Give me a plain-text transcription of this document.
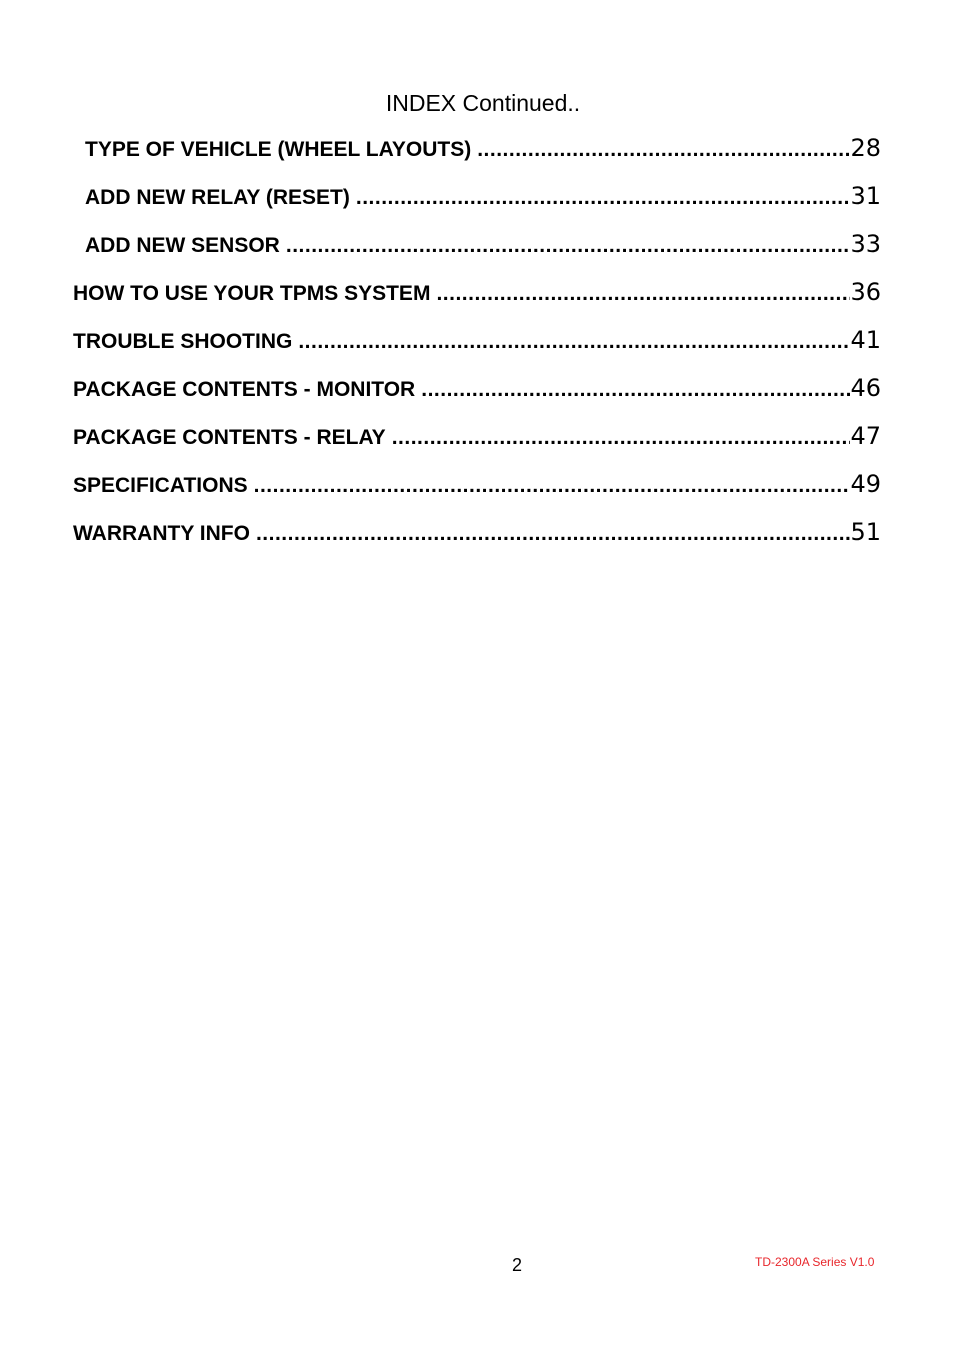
INDEX Continued..
TYPE OF VEHICLE (WHEEL LAYOUTS) .....	28
ADD NEW RELAY (RESET) .....	31
ADD NEW SENSOR .....	33
HOW TO USE YOUR TPMS SYSTEM .....	36
TROUBLE SHOOTING .....	41
PACKAGE CONTENTS - MONITOR .....	46
PACKAGE CONTENTS - RELAY .....	47
SPECIFICATIONS .....	49
WARRANTY INFO .....	51
2	TD-2300A Series V1.0
